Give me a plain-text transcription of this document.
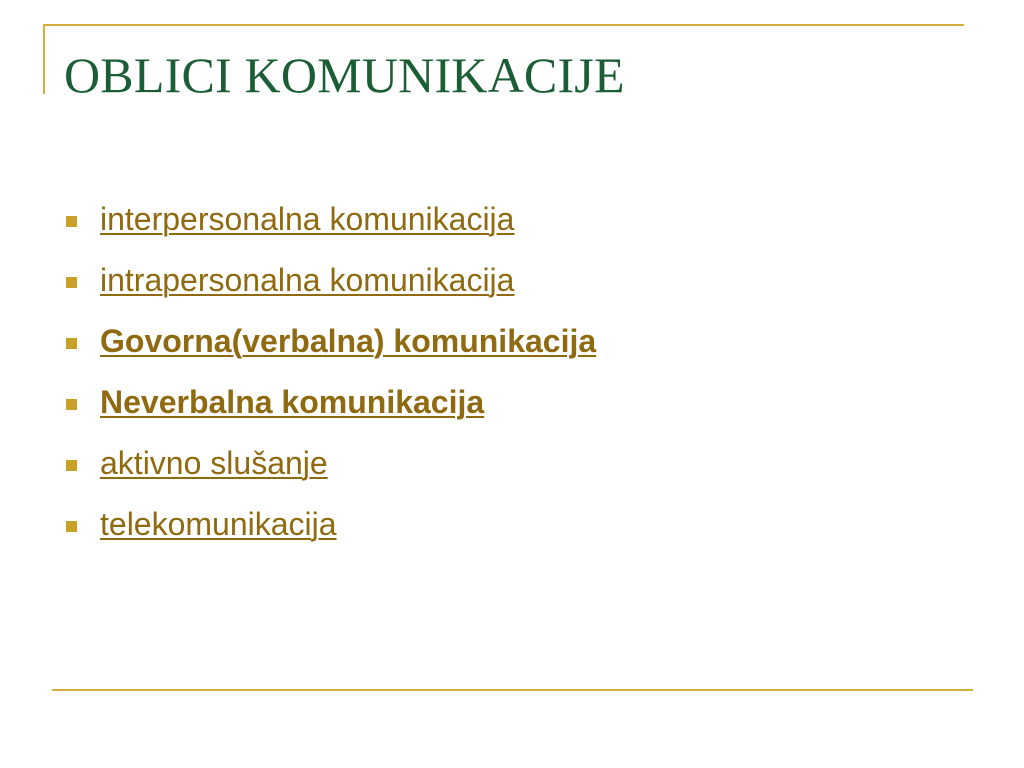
OBLICI KOMUNIKACIJE
interpersonalna komunikacija
intrapersonalna komunikacija
Govorna(verbalna) komunikacija
Neverbalna komunikacija
aktivno slušanje
telekomunikacija
